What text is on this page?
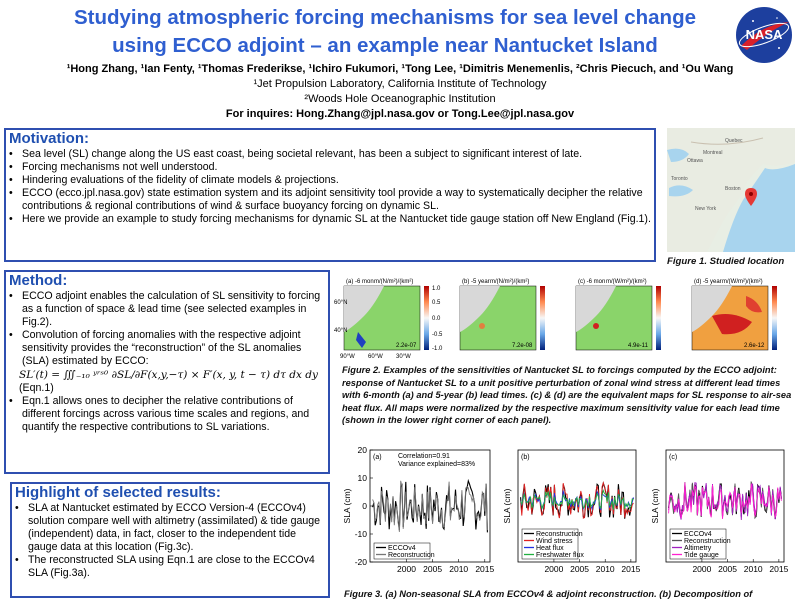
Studying atmospheric forcing mechanisms for sea level change
using ECCO adjoint – an example near Nantucket Island	NASA
¹Hong Zhang, ¹Ian Fenty, ¹Thomas Frederikse, ¹Ichiro Fukumori, ¹Tong Lee, ¹Dimitris Menemenlis, ²Chris Piecuch, and ¹Ou Wang
¹Jet Propulsion Laboratory, California Institute of Technology
²Woods Hole Oceanographic Institution
For inquires: Hong.Zhang@jpl.nasa.gov or Tong.Lee@jpl.nasa.gov
Motivation:
• Sea level (SL) change along the US east coast, being societal relevant, has been a subject to significant interest of late.
• Forcing mechanisms not well understood.
• Hindering evaluations of the fidelity of climate models & projections.
• ECCO (ecco.jpl.nasa.gov) state estimation system and its adjoint sensitivity tool provide a way to systematically decipher the relative contributions & regional contributions of wind & surface buoyancy forcing on dynamic SL.
• Here we provide an example to study forcing mechanisms for dynamic SL at the Nantucket tide gauge station off New England (Fig.1).
Ottawa
Montreal
Quebec
Toronto
Boston
New York
Figure 1. Studied location
Method:
• ECCO adjoint enables the calculation of SL sensitivity to forcing as a function of space & lead time (see selected examples in Fig.2).
• Convolution of forcing anomalies with the respective adjoint sensitivity provides the “reconstruction” of the SL anomalies (SLA) estimated by ECCO:
SL′(t) = ∭₋₁₀ ʸʳˢ⁰ ∂SL/∂F(x,y,−τ) × F′(x, y, t − τ) dτ dx dy
(Eqn.1)
• Eqn.1 allows ones to decipher the relative contributions of different forcings across various time scales and regions, and quantify the respective contributions to SL variations.
(a) -6 mon m/(N/m²)/(km²)
2.2e-07
(b) -5 year m/(N/m²)/(km²)
7.2e-08
(c) -6 mon m/(W/m²)/(km²)
4.9e-11
(d) -5 year m/(W/m²)/(km²)
2.6e-12
1.0
0.5
0.0
-0.5
-1.0
60°N
40°N
90°W 60°W 30°W
Figure 2. Examples of the sensitivities of Nantucket SL to forcings computed by the ECCO adjoint: response of Nantucket SL to a unit positive perturbation of zonal wind stress at different lead times with 6-month (a) and 5-year (b) lead times. (c) & (d) are the equivalent maps for SL response to air-sea heat flux. All maps were normalized by the respective maximum sensitivity value for each lead time (shown in the lower right corner of each panel).
Highlight of selected results:
• SLA at Nantucket estimated by ECCO Version-4 (ECCOv4) solution compare well with altimetry (assimilated) & tide gauge (independent) data, in fact, closer to the independent tide gauge data at this location (Fig.3c).
• The reconstructed SLA using Eqn.1 are close to the ECCOv4 SLA (Fig.3a).
(a)
20
10
0
-10
-20
SLA (cm)
2000 2005 2010 2015
Correlation=0.91
Variance explained=83%
ECCOv4
Reconstruction
(b)
SLA (cm)
2000 2005 2010 2015
Reconstruction
Wind stress
Heat flux
Freshwater flux
(c)
SLA (cm)
2000 2005 2010 2015
ECCOv4
Reconstruction
Altimetry
Tide gauge
Figure 3. (a) Non-seasonal SLA from ECCOv4 & adjoint reconstruction. (b) Decomposition of
